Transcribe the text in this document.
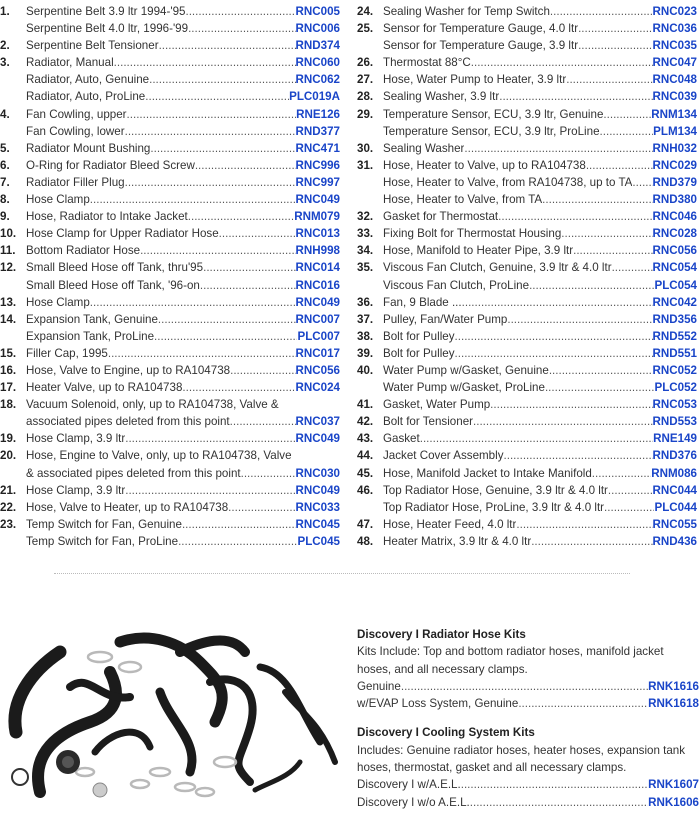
1.	Serpentine Belt 3.9 ltr 1994-'95 .....	RNC005
Serpentine Belt 4.0 ltr, 1996-'99 .....	RNC006
2.	Serpentine Belt Tensioner .....	RND374
3.	Radiator, Manual .....	RNC060
Radiator, Auto, Genuine .....	RNC062
Radiator, Auto, ProLine .....	PLC019A
4.	Fan Cowling, upper .....	RNE126
Fan Cowling, lower .....	RND377
5.	Radiator Mount Bushing .....	RNC471
6.	O-Ring for Radiator Bleed Screw .....	RNC996
7.	Radiator Filler Plug .....	RNC997
8.	Hose Clamp .....	RNC049
9.	Hose, Radiator to Intake Jacket .....	RNM079
10. Hose Clamp for Upper Radiator Hose .....	RNC013
11. Bottom Radiator Hose .....	RNH998
12. Small Bleed Hose off Tank, thru'95 .....	RNC014
Small Bleed Hose off Tank, '96-on .....	RNC016
13. Hose Clamp .....	RNC049
14. Expansion Tank, Genuine .....	RNC007
Expansion Tank, ProLine .....	PLC007
15. Filler Cap, 1995 .....	RNC017
16. Hose, Valve to Engine, up to RA104738 .....	RNC056
17. Heater Valve, up to RA104738 .....	RNC024
18. Vacuum Solenoid, only, up to RA104738, Valve &
associated pipes deleted from this point .....	RNC037
19. Hose Clamp, 3.9 ltr .....	RNC049
20. Hose, Engine to Valve, only, up to RA104738, Valve
& associated pipes deleted from this point .....	RNC030
21. Hose Clamp, 3.9 ltr .....	RNC049
22. Hose, Valve to Heater, up to RA104738 .....	RNC033
23. Temp Switch for Fan, Genuine .....	RNC045
Temp Switch for Fan, ProLine .....	PLC045
24. Sealing Washer for Temp Switch .....	RNC023
25. Sensor for Temperature Gauge, 4.0 ltr .....	RNC036
Sensor for Temperature Gauge, 3.9 ltr .....	RNC035
26. Thermostat 88°C .....	RNC047
27. Hose, Water Pump to Heater, 3.9 ltr .....	RNC048
28. Sealing Washer, 3.9 ltr .....	RNC039
29. Temperature Sensor, ECU, 3.9 ltr, Genuine .....	RNM134
Temperature Sensor, ECU, 3.9 ltr, ProLine .....	PLM134
30. Sealing Washer .....	RNH032
31. Hose, Heater to Valve, up to RA104738 .....	RNC029
Hose, Heater to Valve, from RA104738, up to TA ..... RND379
Hose, Heater to Valve, from TA .....	RND380
32. Gasket for Thermostat .....	RNC046
33. Fixing Bolt for Thermostat Housing .....	RNC028
34. Hose, Manifold to Heater Pipe, 3.9 ltr .....	RNC056
35. Viscous Fan Clutch, Genuine, 3.9 ltr & 4.0 ltr .....	RNC054
Viscous Fan Clutch, ProLine .....	PLC054
36. Fan, 9 Blade ... .....	RNC042
37. Pulley, Fan/Water Pump .....	RND356
38. Bolt for Pulley .....	RND552
39. Bolt for Pulley .....	RND551
40. Water Pump w/Gasket, Genuine .....	RNC052
Water Pump w/Gasket, ProLine .....	PLC052
41. Gasket, Water Pump .....	RNC053
42. Bolt for Tensioner .....	RND553
43. Gasket .....	RNE149
44. Jacket Cover Assembly .....	RND376
45. Hose, Manifold Jacket to Intake Manifold .....	RNM086
46. Top Radiator Hose, Genuine, 3.9 ltr & 4.0 ltr .....	RNC044
Top Radiator Hose, ProLine, 3.9 ltr & 4.0 ltr .....	PLC044
47. Hose, Heater Feed, 4.0 ltr .....	RNC055
48. Heater Matrix, 3.9 ltr & 4.0 ltr .....	RND436
Discovery I Radiator Hose Kits
Kits Include: Top and bottom radiator hoses, manifold jacket hoses, and all necessary clamps.
Genuine .....	RNK1616
w/EVAP Loss System, Genuine .....	RNK1618
Discovery I Cooling System Kits
Includes: Genuine radiator hoses, heater hoses, expansion tank hoses, thermostat, gasket and all necessary clamps.
Discovery I w/A.E.L. .....	RNK1607
Discovery I w/o A.E.L. .....	RNK1606
